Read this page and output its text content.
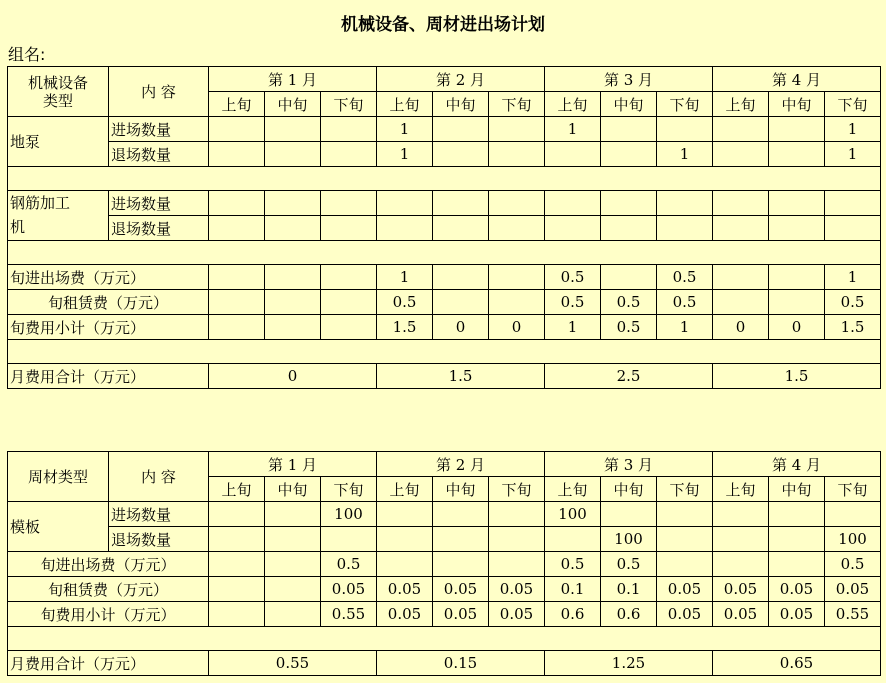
机械设备、周材进出场计划
组名:
机械设备
类型	内 容	第 1 月			第 2 月			第 3 月			第 4 月		
		上旬	中旬	下旬	上旬	中旬	下旬	上旬	中旬	下旬	上旬	中旬	下旬
地泵	进场数量				1			1					1
	退场数量				1					1			1

钢筋加工
机	进场数量												
	退场数量												

旬进出场费（万元）					1			0.5		0.5			1
旬租赁费（万元）					0.5			0.5	0.5	0.5			0.5
旬费用小计（万元）					1.5	0	0	1	0.5	1	0	0	1.5

月费用合计（万元）		0			1.5			2.5			1.5		
周材类型	内 容	第 1 月			第 2 月			第 3 月			第 4 月		
		上旬	中旬	下旬	上旬	中旬	下旬	上旬	中旬	下旬	上旬	中旬	下旬
模板	进场数量			100				100					
	退场数量								100				100
旬进出场费（万元）				0.5				0.5	0.5				0.5
旬租赁费（万元）				0.05	0.05	0.05	0.05	0.1	0.1	0.05	0.05	0.05	0.05
旬费用小计（万元）				0.55	0.05	0.05	0.05	0.6	0.6	0.05	0.05	0.05	0.55

月费用合计（万元）		0.55			0.15			1.25			0.65		
